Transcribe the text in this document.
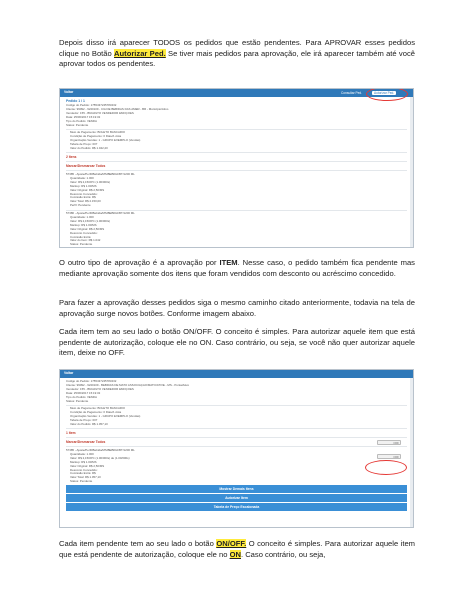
Depois disso irá aparecer TODOS os pedidos que estão pendentes. Para APROVAR esses pedidos clique no Botão Autorizar Ped. Se tiver mais pedidos para aprovação, ele irá aparecer também até você aprovar todos os pendentes.

Voltar	Consultar Ped.	Autorizar Ped.
Pedido 1 / 1
Código do Pedido: 1755437245783432
Cliente: 99092 - 9240109 - CIA DE BEBIDAS DAS AMER - BR - Município/Ativo
Vendedor: 155 - BNGRLTO VENDEDOR EMOÇÕES
Data: 25/06/2017 15:19:32
Tipo do Pedido: VENDA
Status: Pendente
Meio de Pagamento: BOLETO BANCÁRIO
Condição de Pagamento: 0 Dias/À vista
Organização Vendas: 1 - GRUPO EXEMPLO (Vendas)
Tabela de Preço: 007
Valor do Pedido: R$ 1.042,20
2 Itens
Marcar/Desmarcar Todos
57385 - Ajuste/Perfil/Bebida/MS/BEBIDA/BT/1200 ML
Quantidade: 1.000
Valor: R$ 2,150/PC (1.00/000s)
Markup: R$ 1.00/MS
Valor Original: R$ 2,50/MS
Desconto Concedido:
Comissão Extra: R$
Valor Total: R$ 2.150,00
Perfil: Pendente
57386 - Ajuste/Perfil/Bebida/MS/BEBIDA/BT/1200 ML
Quantidade: 1.000
Valor: R$ 2,150/PC (1.00/000s)
Markup: R$ 1.00/MS
Valor Original: R$ 2,50/MS
Desconto Concedido:
Comissão Extra:
Valor do Item: R$ 1.042
Status: Pendente

O outro tipo de aprovação é a aprovação por ITEM. Nesse caso, o pedido também fica pendente mas mediante aprovação somente dos itens que foram vendidos com desconto ou acréscimo concedido.

Para fazer a aprovação desses pedidos siga o mesmo caminho citado anteriormente, todavia na tela de aprovação surge novos botões. Conforme imagem abaixo.

Cada item tem ao seu lado o botão ON/OFF. O conceito é simples. Para autorizar aquele item que está pendente de autorização, coloque ele no ON. Caso contrário, ou seja, se você não quer autorizar aquele item, deixe no OFF.

Voltar
Código do Pedido: 1755437245783432
Cliente: 99092 - 9240109 - BEBIDAS DE MATO ASSOCIAÇÃO/MATO/ATIVE - MS - Punta/Ativo
Vendedor: 155 - BNGRLTO VENDEDOR EMOÇÕES
Data: 25/06/2017 15:19:32
Tipo do Pedido: VENDA
Status: Pendente
Meio de Pagamento: BOLETO BANCÁRIO
Condição de Pagamento: 0 Dias/À vista
Organização Vendas: 1 - GRUPO EXEMPLO (Vendas)
Tabela de Preço: 007
Valor do Pedido: R$ 1.057,10
1 Item
Marcar/Desmarcar Todos	OFF
57385 - Ajuste/Perfil/Bebida/MS/BEBIDA/BT/1200 ML
OFF
Quantidade: 1.000
Valor: R$ 2,150/PC (1.00/000s) de (1.00/000s)
Markup: R$ 1.00/MS
Valor Original: R$ 2,50/MS
Desconto Concedido:
Comissão Extra: R$
Valor Total: R$ 1.057,10
Status: Pendente
Mostrar Demais Itens
Autorizar Item
Tabela de Preço Escalonada

Cada item pendente tem ao seu lado o botão ON/OFF. O conceito é simples. Para autorizar aquele item que está pendente de autorização, coloque ele no ON. Caso contrário, ou seja,
